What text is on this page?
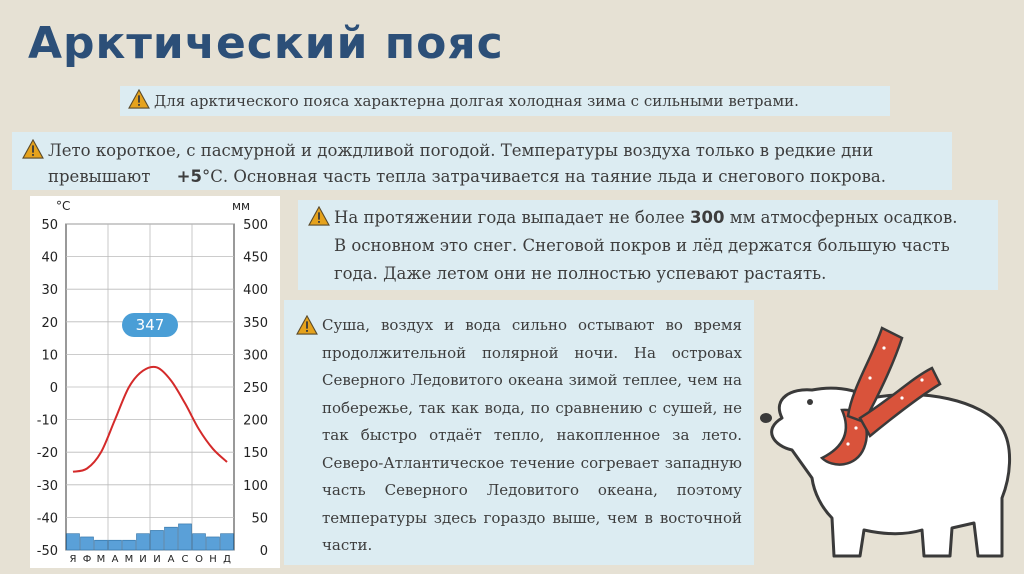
Арктический пояс
Для арктического пояса характерна долгая холодная зима с сильными ветрами.
Лето короткое, с пасмурной и дождливой погодой. Температуры воздуха только в редкие дни
превышают +5°С. Основная часть тепла затрачивается на таяние льда и снегового покрова.
На протяжении года выпадает не более 300 мм атмосферных осадков.
В основном это снег. Снеговой покров и лёд держатся большую часть
года. Даже летом они не полностью успевают растаять.

Суша, воздух и вода сильно остывают во время продолжительной полярной ночи. На островах Северного Ледовитого океана зимой теплее, чем на побережье, так как вода, по сравнению с сушей, не так быстро отдаёт тепло, накопленное за лето. Северо-Атлантическое течение согревает западную часть Северного Ледовитого океана, поэтому температуры здесь гораздо выше, чем в восточной части.

50
40
30
20
10
0
-10
-20
-30
-40
-50
500
450
400
350
300
250
200
150
100
50
0
Я Ф М А М И И А С О Н Д
°С	мм
347
